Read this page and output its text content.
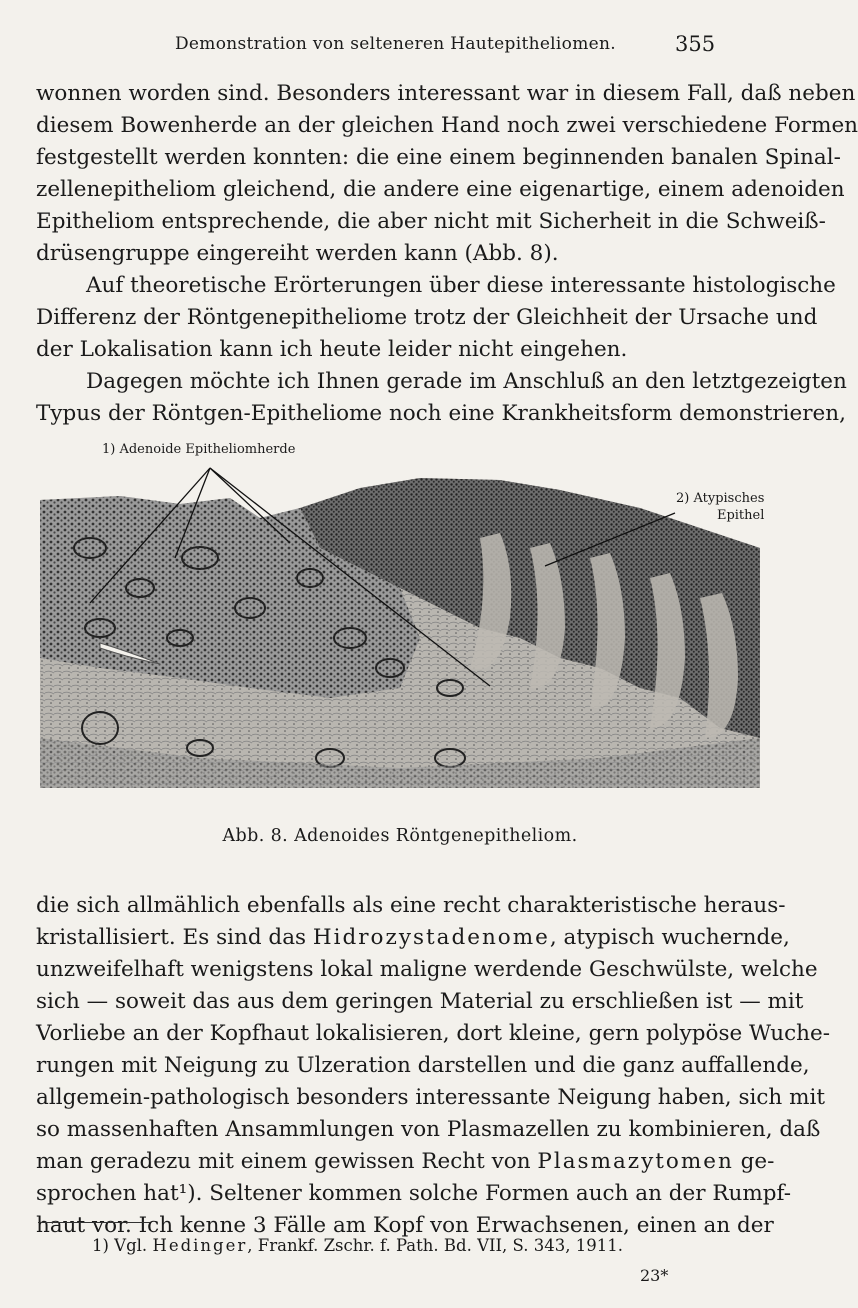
Demonstration von selteneren Hautepitheliomen.	355
wonnen worden sind. Besonders interessant war in diesem Fall, daß neben
diesem Bowenherde an der gleichen Hand noch zwei verschiedene Formen
festgestellt werden konnten: die eine einem beginnenden banalen Spinal-
zellenepitheliom gleichend, die andere eine eigenartige, einem adenoiden
Epitheliom entsprechende, die aber nicht mit Sicherheit in die Schweiß-
drüsengruppe eingereiht werden kann (Abb. 8).
Auf theoretische Erörterungen über diese interessante histologische
Differenz der Röntgenepitheliome trotz der Gleichheit der Ursache und
der Lokalisation kann ich heute leider nicht eingehen.
Dagegen möchte ich Ihnen gerade im Anschluß an den letztgezeigten
Typus der Röntgen-Epitheliome noch eine Krankheitsform demonstrieren,
1) Adenoide Epitheliomherde
2) Atypisches
Epithel
Abb. 8. Adenoides Röntgenepitheliom.
die sich allmählich ebenfalls als eine recht charakteristische heraus-
kristallisiert. Es sind das Hidrozystadenome, atypisch wuchernde,
unzweifelhaft wenigstens lokal maligne werdende Geschwülste, welche
sich — soweit das aus dem geringen Material zu erschließen ist — mit
Vorliebe an der Kopfhaut lokalisieren, dort kleine, gern polypöse Wuche-
rungen mit Neigung zu Ulzeration darstellen und die ganz auffallende,
allgemein-pathologisch besonders interessante Neigung haben, sich mit
so massenhaften Ansammlungen von Plasmazellen zu kombinieren, daß
man geradezu mit einem gewissen Recht von Plasmazytomen ge-
sprochen hat¹). Seltener kommen solche Formen auch an der Rumpf-
haut vor. Ich kenne 3 Fälle am Kopf von Erwachsenen, einen an der
1) Vgl. Hedinger, Frankf. Zschr. f. Path. Bd. VII, S. 343, 1911.
23*
